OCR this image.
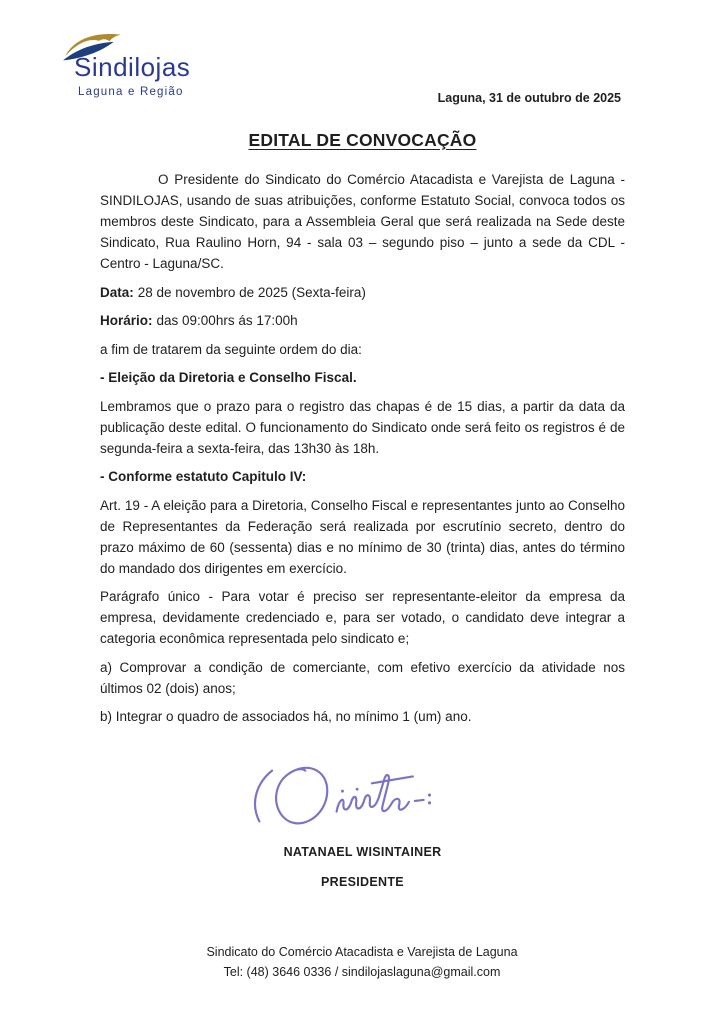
Sindilojas
Laguna e Região	Laguna, 31 de outubro de 2025
EDITAL DE CONVOCAÇÃO

O Presidente do Sindicato do Comércio Atacadista e Varejista de Laguna - SINDILOJAS, usando de suas atribuições, conforme Estatuto Social, convoca todos os membros deste Sindicato, para a Assembleia Geral que será realizada na Sede deste Sindicato, Rua Raulino Horn, 94 - sala 03 – segundo piso – junto a sede da CDL - Centro - Laguna/SC.

Data: 28 de novembro de 2025 (Sexta-feira)

Horário: das 09:00hrs ás 17:00h

a fim de tratarem da seguinte ordem do dia:

- Eleição da Diretoria e Conselho Fiscal.

Lembramos que o prazo para o registro das chapas é de 15 dias, a partir da data da publicação deste edital. O funcionamento do Sindicato onde será feito os registros é de segunda-feira a sexta-feira, das 13h30 às 18h.

- Conforme estatuto Capitulo IV:

Art. 19 - A eleição para a Diretoria, Conselho Fiscal e representantes junto ao Conselho de Representantes da Federação será realizada por escrutínio secreto, dentro do prazo máximo de 60 (sessenta) dias e no mínimo de 30 (trinta) dias, antes do término do mandado dos dirigentes em exercício.

Parágrafo único - Para votar é preciso ser representante-eleitor da empresa da empresa, devidamente credenciado e, para ser votado, o candidato deve integrar a categoria econômica representada pelo sindicato e;

a) Comprovar a condição de comerciante, com efetivo exercício da atividade nos últimos 02 (dois) anos;

b) Integrar o quadro de associados há, no mínimo 1 (um) ano.

NATANAEL WISINTAINER
PRESIDENTE
Sindicato do Comércio Atacadista e Varejista de Laguna
Tel: (48) 3646 0336 / sindilojaslaguna@gmail.com
